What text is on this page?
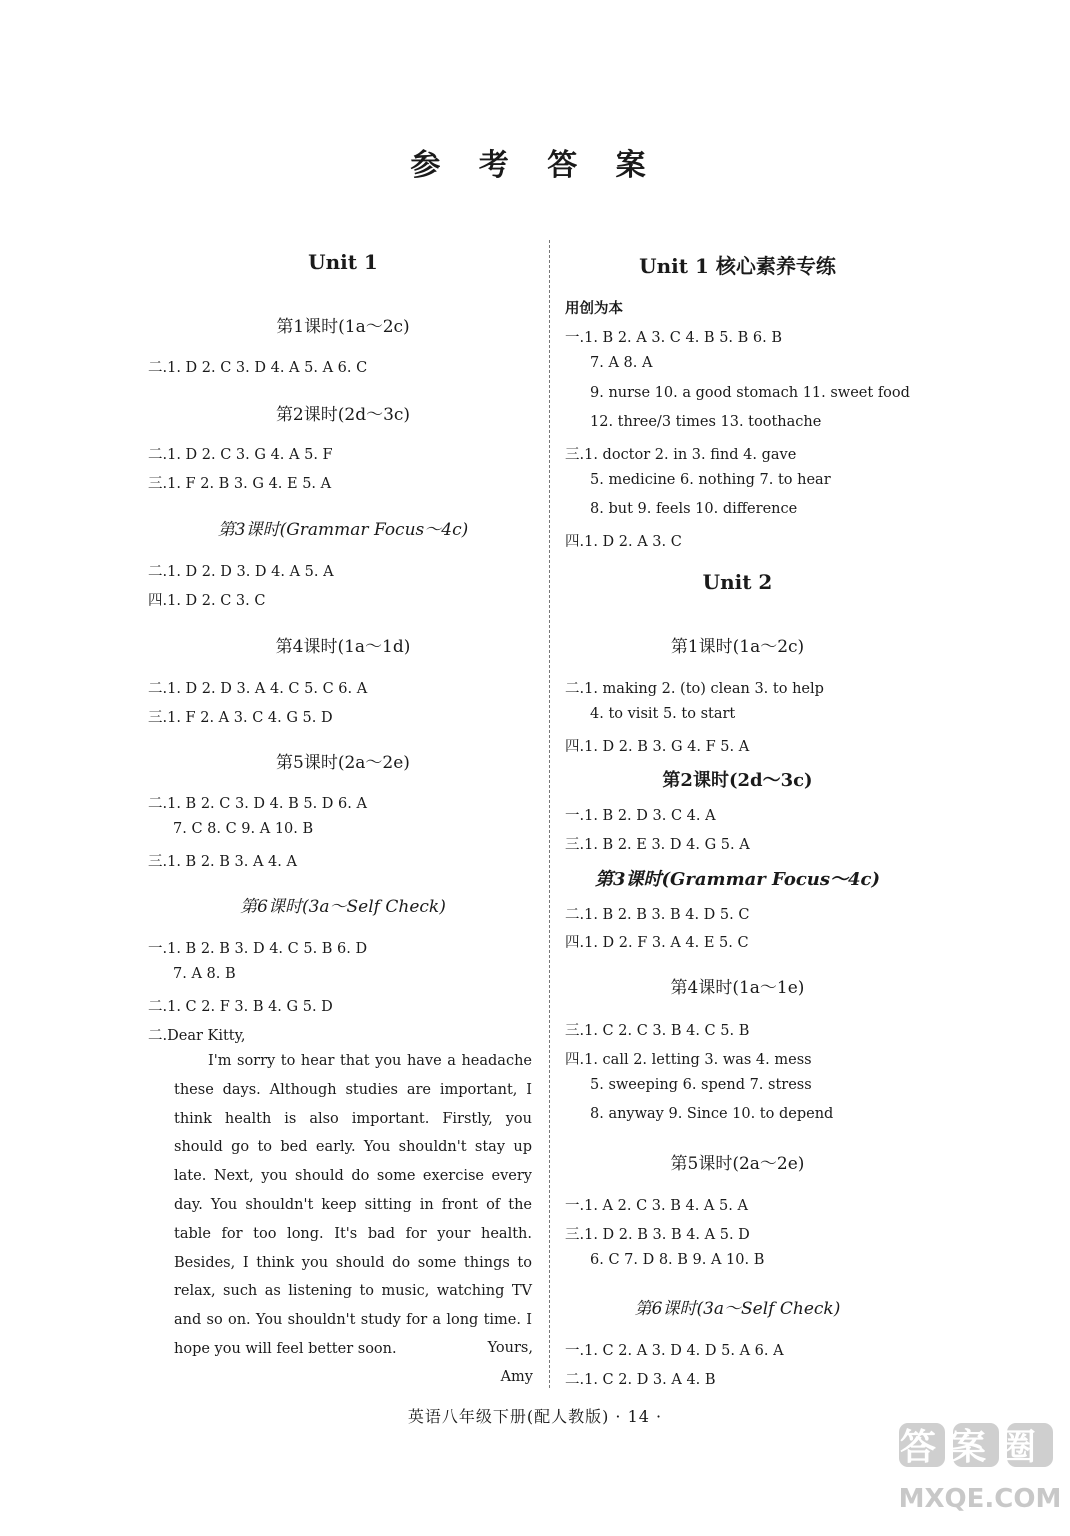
参 考 答 案
Unit 1
第1课时(1a～2c)
二.1. D 2. C 3. D 4. A 5. A 6. C
第2课时(2d～3c)
二.1. D 2. C 3. G 4. A 5. F
三.1. F 2. B 3. G 4. E 5. A
第3课时(Grammar Focus～4c)
二.1. D 2. D 3. D 4. A 5. A
四.1. D 2. C 3. C
第4课时(1a～1d)
二.1. D 2. D 3. A 4. C 5. C 6. A
三.1. F 2. A 3. C 4. G 5. D
第5课时(2a～2e)
二.1. B 2. C 3. D 4. B 5. D 6. A
7. C 8. C 9. A 10. B
三.1. B 2. B 3. A 4. A
第6课时(3a～Self Check)
一.1. B 2. B 3. D 4. C 5. B 6. D
7. A 8. B
二.1. C 2. F 3. B 4. G 5. D
二.Dear Kitty,
I'm sorry to hear that you have a headache these days. Although studies are important, I think health is also important. Firstly, you should go to bed early. You shouldn't stay up late. Next, you should do some exercise every day. You shouldn't keep sitting in front of the table for too long. It's bad for your health. Besides, I think you should do some things to relax, such as listening to music, watching TV and so on. You shouldn't study for a long time. I hope you will feel better soon.	Yours,
Amy
Unit 1 核心素养专练
用创为本
一.1. B 2. A 3. C 4. B 5. B 6. B
7. A 8. A
9. nurse 10. a good stomach 11. sweet food
12. three/3 times 13. toothache
三.1. doctor 2. in 3. find 4. gave
5. medicine 6. nothing 7. to hear
8. but 9. feels 10. difference
四.1. D 2. A 3. C
Unit 2
第1课时(1a～2c)
二.1. making 2. (to) clean 3. to help
4. to visit 5. to start
四.1. D 2. B 3. G 4. F 5. A
第2课时(2d～3c)
一.1. B 2. D 3. C 4. A
三.1. B 2. E 3. D 4. G 5. A
第3课时(Grammar Focus～4c)
二.1. B 2. B 3. B 4. D 5. C
四.1. D 2. F 3. A 4. E 5. C
第4课时(1a～1e)
三.1. C 2. C 3. B 4. C 5. B
四.1. call 2. letting 3. was 4. mess
5. sweeping 6. spend 7. stress
8. anyway 9. Since 10. to depend
第5课时(2a～2e)
一.1. A 2. C 3. B 4. A 5. A
三.1. D 2. B 3. B 4. A 5. D
6. C 7. D 8. B 9. A 10. B
第6课时(3a～Self Check)
一.1. C 2. A 3. D 4. D 5. A 6. A
二.1. C 2. D 3. A 4. B
英语八年级下册(配人教版) · 14 ·
答案圈
MXQE.COM
